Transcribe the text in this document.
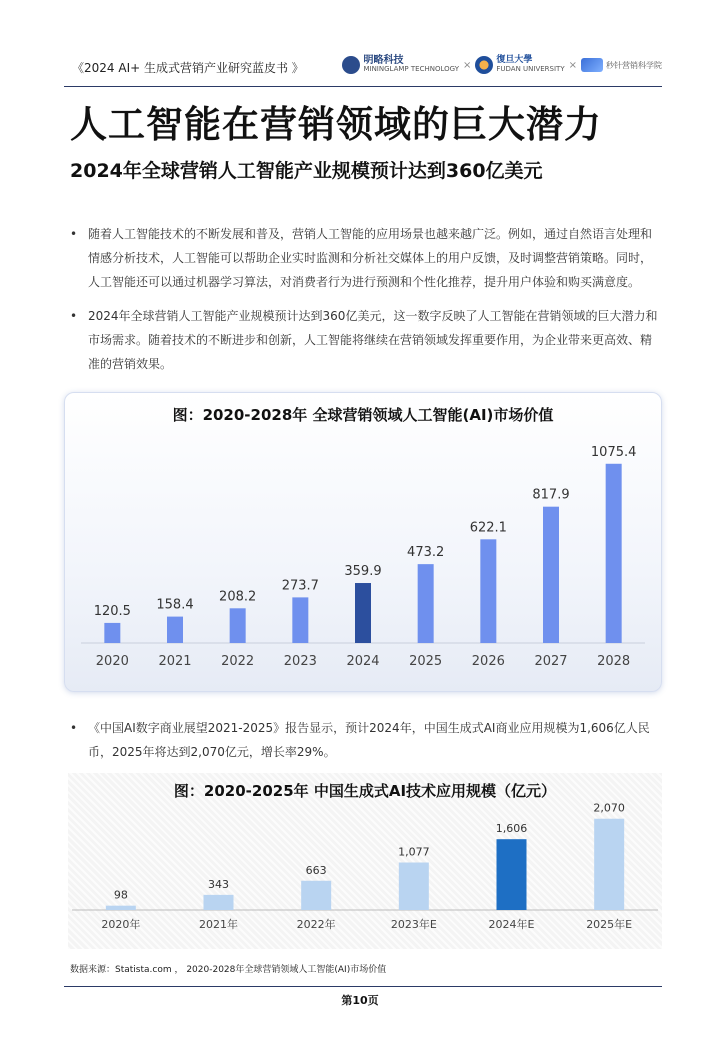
《2024 AI+ 生成式营销产业研究蓝皮书 》
明略科技
MININGLAMP TECHNOLOGY ×	復旦大學
FUDAN UNIVERSITY ×	秒针营销科学院
人工智能在营销领域的巨大潜力
2024年全球营销人工智能产业规模预计达到360亿美元
• 随着人工智能技术的不断发展和普及，营销人工智能的应用场景也越来越广泛。例如，通过自然语言处理和情感分析技术，人工智能可以帮助企业实时监测和分析社交媒体上的用户反馈，及时调整营销策略。同时，人工智能还可以通过机器学习算法，对消费者行为进行预测和个性化推荐，提升用户体验和购买满意度。
• 2024年全球营销人工智能产业规模预计达到360亿美元，这一数字反映了人工智能在营销领域的巨大潜力和市场需求。随着技术的不断进步和创新，人工智能将继续在营销领域发挥重要作用，为企业带来更高效、精准的营销效果。
图：2020-2028年 全球营销领域人工智能(AI)市场价值
120.5
2020
158.4
2021
208.2
2022
273.7
2023
359.9
2024
473.2
2025
622.1
2026
817.9
2027
1075.4
2028
• 《中国AI数字商业展望2021-2025》报告显示，预计2024年，中国生成式AI商业应用规模为1,606亿人民币，2025年将达到2,070亿元，增长率29%。
图：2020-2025年 中国生成式AI技术应用规模（亿元）
98
2020年
343
2021年
663
2022年
1,077
2023年E
1,606
2024年E
2,070
2025年E
数据来源：Statista.com ， 2020-2028年全球营销领域人工智能(AI)市场价值
第10页
